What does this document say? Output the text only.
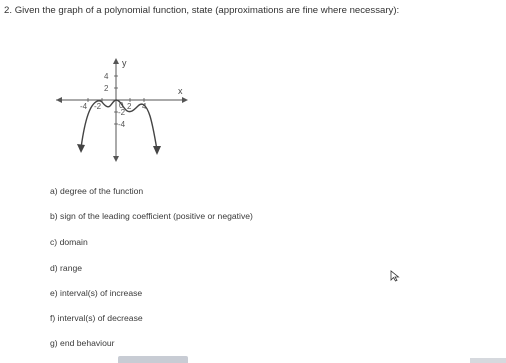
2. Given the graph of a polynomial function, state (approximations are fine where necessary):
y
x
-4 -2 0 2 4
4
2
-2
-4
a) degree of the function
b) sign of the leading coefficient (positive or negative)
c) domain
d) range
e) interval(s) of increase
f) interval(s) of decrease
g) end behaviour
